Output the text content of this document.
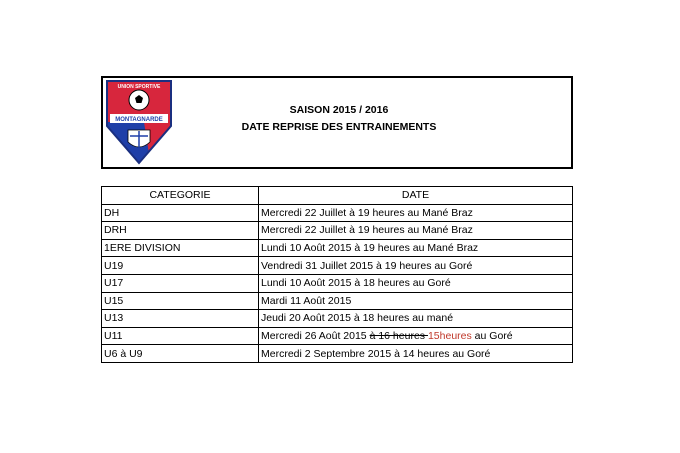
UNION SPORTIVE
MONTAGNARDE
SAISON 2015 / 2016
DATE REPRISE DES ENTRAINEMENTS
CATEGORIE	DATE
DH	Mercredi 22 Juillet à 19 heures au Mané Braz
DRH	Mercredi 22 Juillet à 19 heures au Mané Braz
1ERE DIVISION	Lundi 10 Août 2015 à 19 heures au Mané Braz
U19	Vendredi 31 Juillet 2015 à 19 heures au Goré
U17	Lundi 10 Août 2015 à 18 heures au Goré
U15	Mardi 11 Août 2015
U13	Jeudi 20 Août 2015 à 18 heures au mané
U11	Mercredi 26 Août 2015 à 16 heures 15heures au Goré
U6 à U9	Mercredi 2 Septembre 2015 à 14 heures au Goré
